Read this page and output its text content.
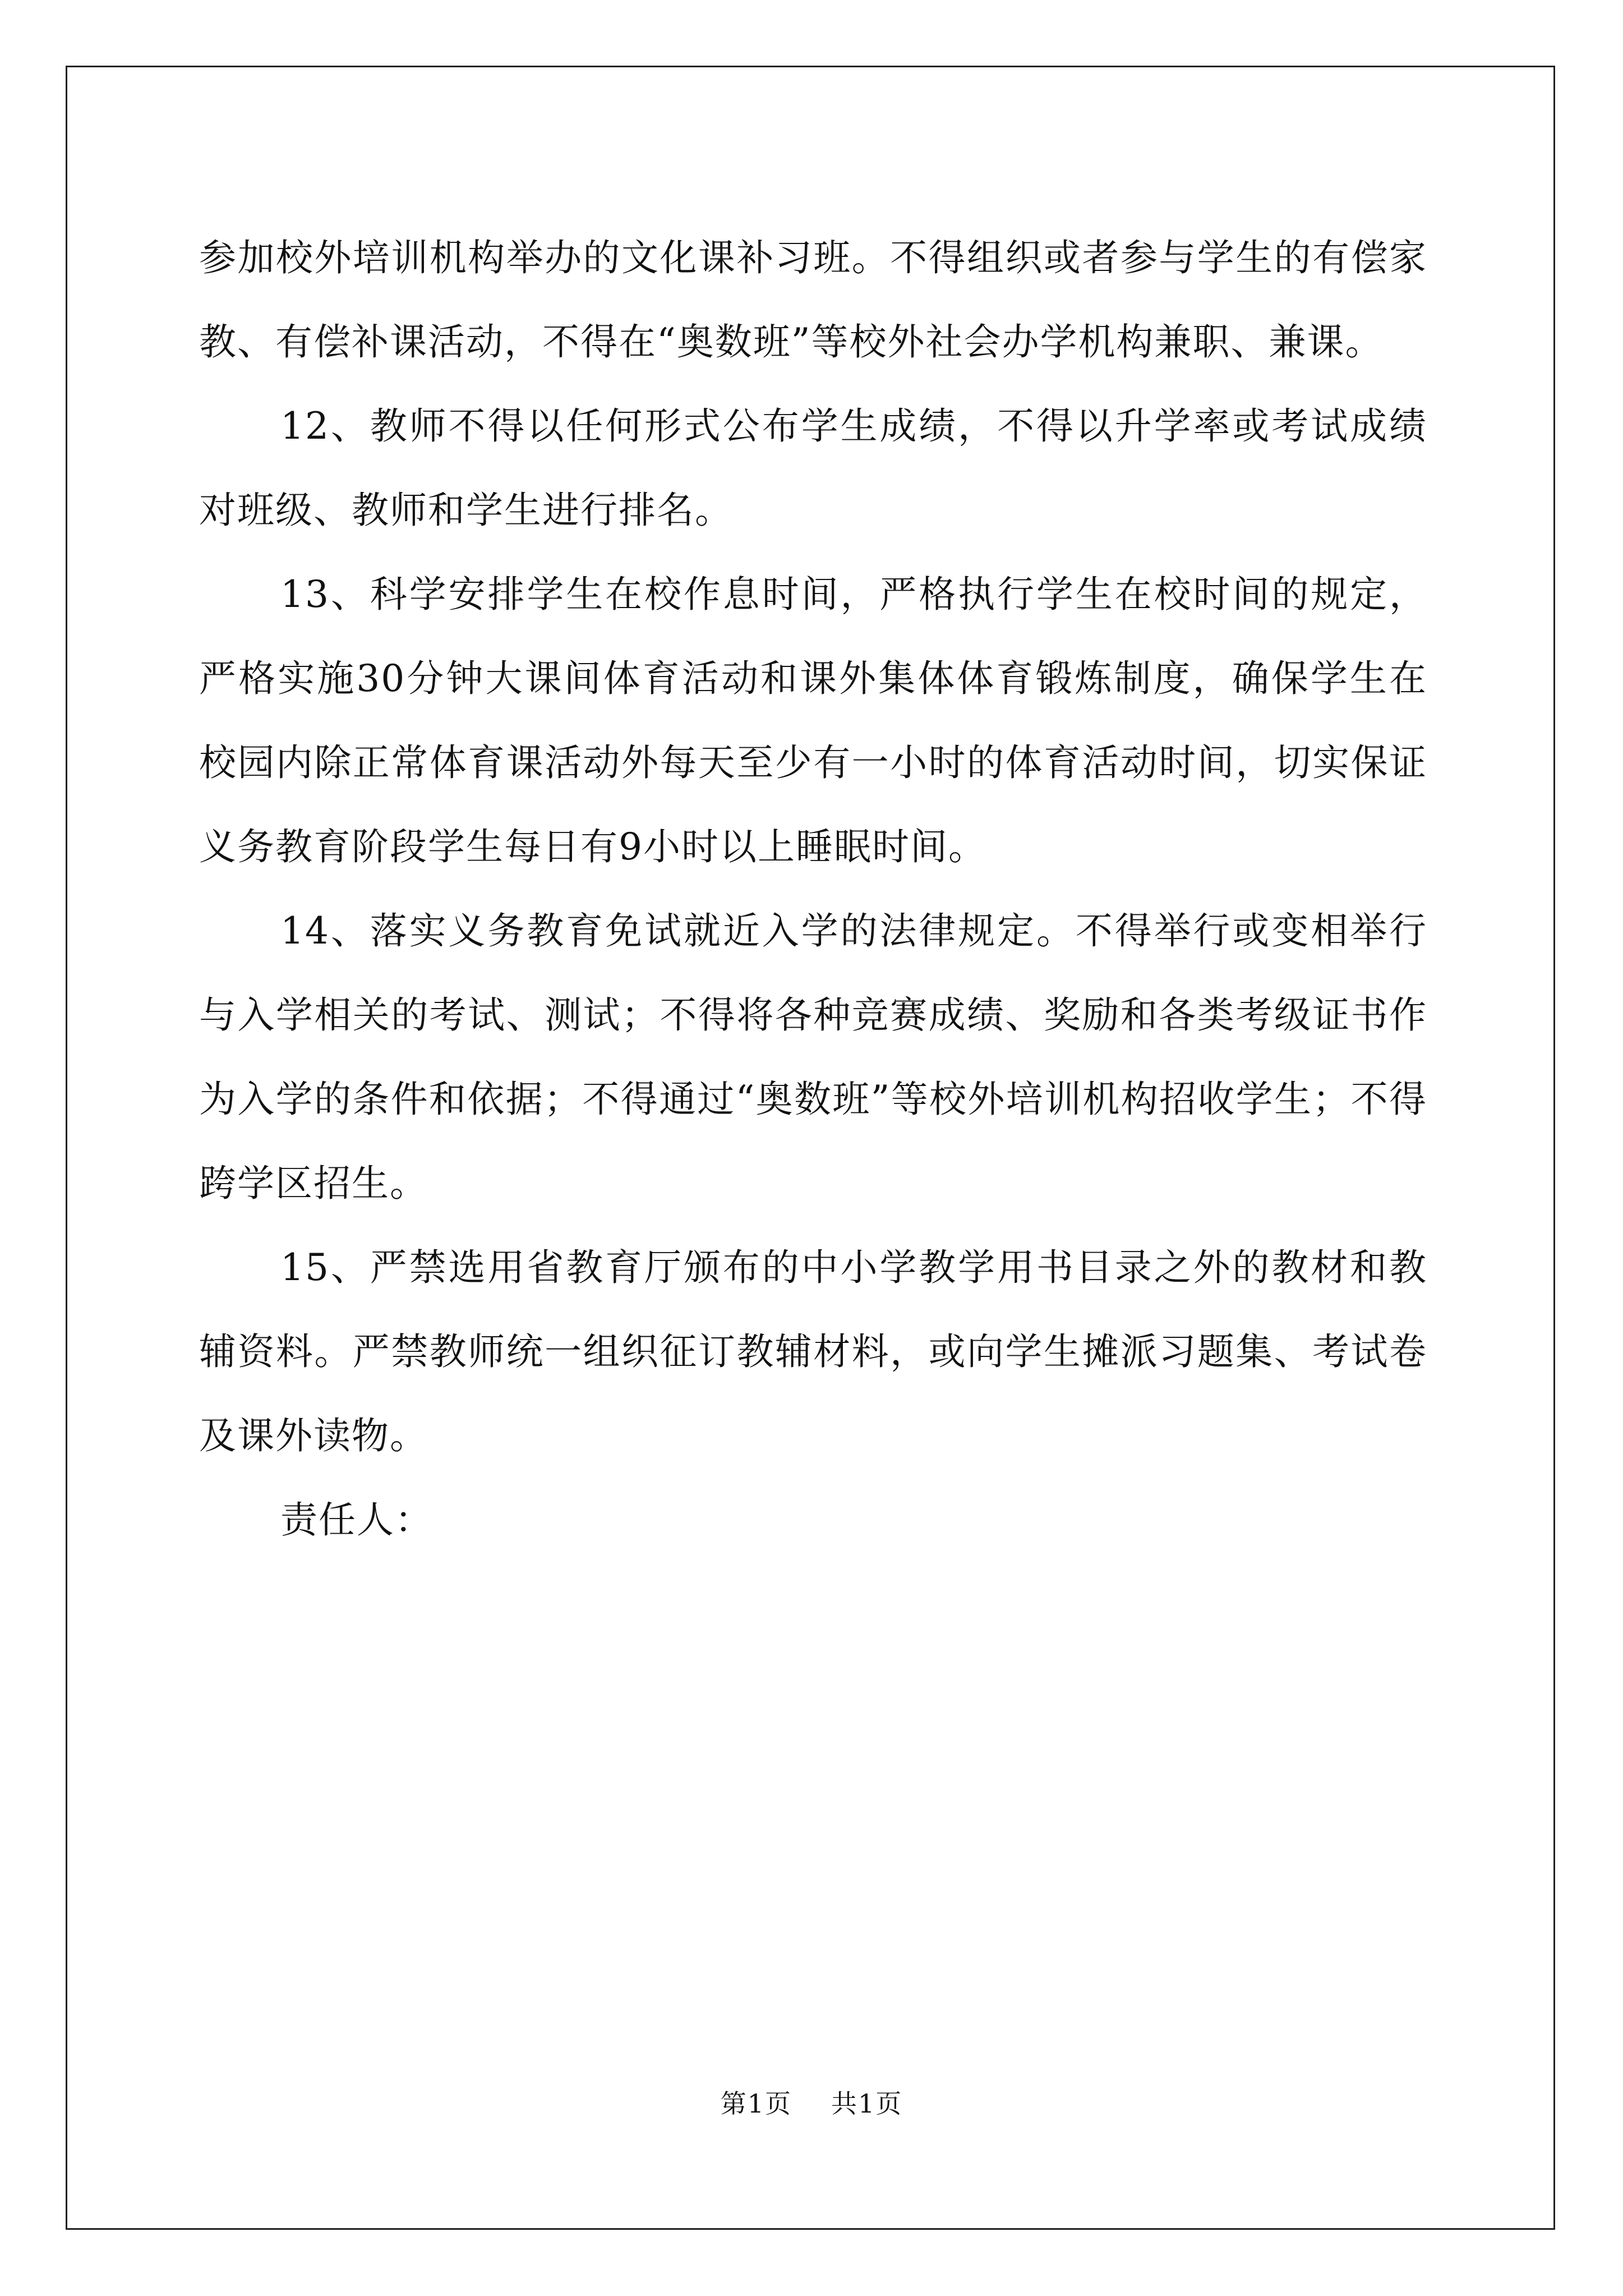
参加校外培训机构举办的文化课补习班。不得组织或者参与学生的有偿家教、有偿补课活动，不得在“奥数班”等校外社会办学机构兼职、兼课。

12、教师不得以任何形式公布学生成绩，不得以升学率或考试成绩对班级、教师和学生进行排名。

13、科学安排学生在校作息时间，严格执行学生在校时间的规定，严格实施30分钟大课间体育活动和课外集体体育锻炼制度，确保学生在校园内除正常体育课活动外每天至少有一小时的体育活动时间，切实保证义务教育阶段学生每日有9小时以上睡眠时间。

14、落实义务教育免试就近入学的法律规定。不得举行或变相举行与入学相关的考试、测试；不得将各种竞赛成绩、奖励和各类考级证书作为入学的条件和依据；不得通过“奥数班”等校外培训机构招收学生；不得跨学区招生。

15、严禁选用省教育厅颁布的中小学教学用书目录之外的教材和教辅资料。严禁教师统一组织征订教辅材料，或向学生摊派习题集、考试卷及课外读物。

责任人：

第1页 共1页
